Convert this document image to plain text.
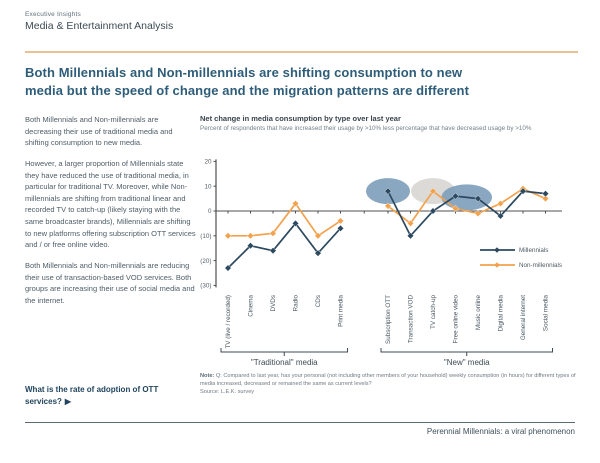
Executive Insights
Media & Entertainment Analysis
Both Millennials and Non-millennials are shifting consumption to new media but the speed of change and the migration patterns are different

Both Millennials and Non-millennials are decreasing their use of traditional media and shifting consumption to new media.

However, a larger proportion of Millennials state they have reduced the use of traditional media, in particular for traditional TV. Moreover, while Non-millennials are shifting from traditional linear and recorded TV to catch-up (likely staying with the same broadcaster brands), Millennials are shifting to new platforms offering subscription OTT services and / or free online video.

Both Millennials and Non-millennials are reducing their use of transaction-based VOD services. Both groups are increasing their use of social media and the internet.

What is the rate of adoption of OTT services? ▶
Net change in media consumption by type over last year
Percent of respondents that have increased their usage by >10% less percentage that have decreased usage by >10%
20
10
0
(10)
(20)
(30)
Millennials
Non-millennials
TV (live / recorded) Cinema DVDs Radio CDs Print media	Subscription OTT Transaction VOD TV catch-up Free online video Music online Digital media General internet Social media
"Traditional" media	"New" media
Note: Q: Compared to last year, has your personal (not including other members of your household) weekly consumption (in hours) for different types of media increased, decreased or remained the same as current levels?
Source: L.E.K. survey
Perennial Millennials: a viral phenomenon
